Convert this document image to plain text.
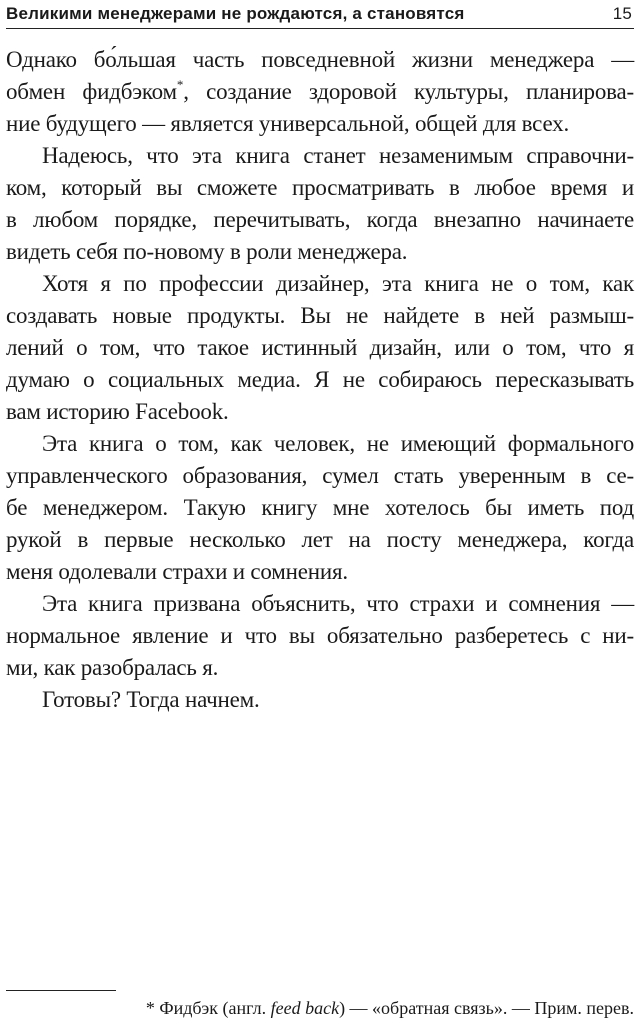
Великими менеджерами не рождаются, а становятся	15

Однако бо́льшая часть повседневной жизни менеджера —
обмен фидбэком*, создание здоровой культуры, планирова-
ние будущего — является универсальной, общей для всех.

Надеюсь, что эта книга станет незаменимым справочни-
ком, который вы сможете просматривать в любое время и
в любом порядке, перечитывать, когда внезапно начинаете
видеть себя по-новому в роли менеджера.

Хотя я по профессии дизайнер, эта книга не о том, как
создавать новые продукты. Вы не найдете в ней размыш-
лений о том, что такое истинный дизайн, или о том, что я
думаю о социальных медиа. Я не собираюсь пересказывать
вам историю Facebook.

Эта книга о том, как человек, не имеющий формального
управленческого образования, сумел стать уверенным в се-
бе менеджером. Такую книгу мне хотелось бы иметь под
рукой в первые несколько лет на посту менеджера, когда
меня одолевали страхи и сомнения.

Эта книга призвана объяснить, что страхи и сомнения —
нормальное явление и что вы обязательно разберетесь с ни-
ми, как разобралась я.

Готовы? Тогда начнем.

* Фидбэк (англ. feed back) — «обратная связь». — Прим. перев.
